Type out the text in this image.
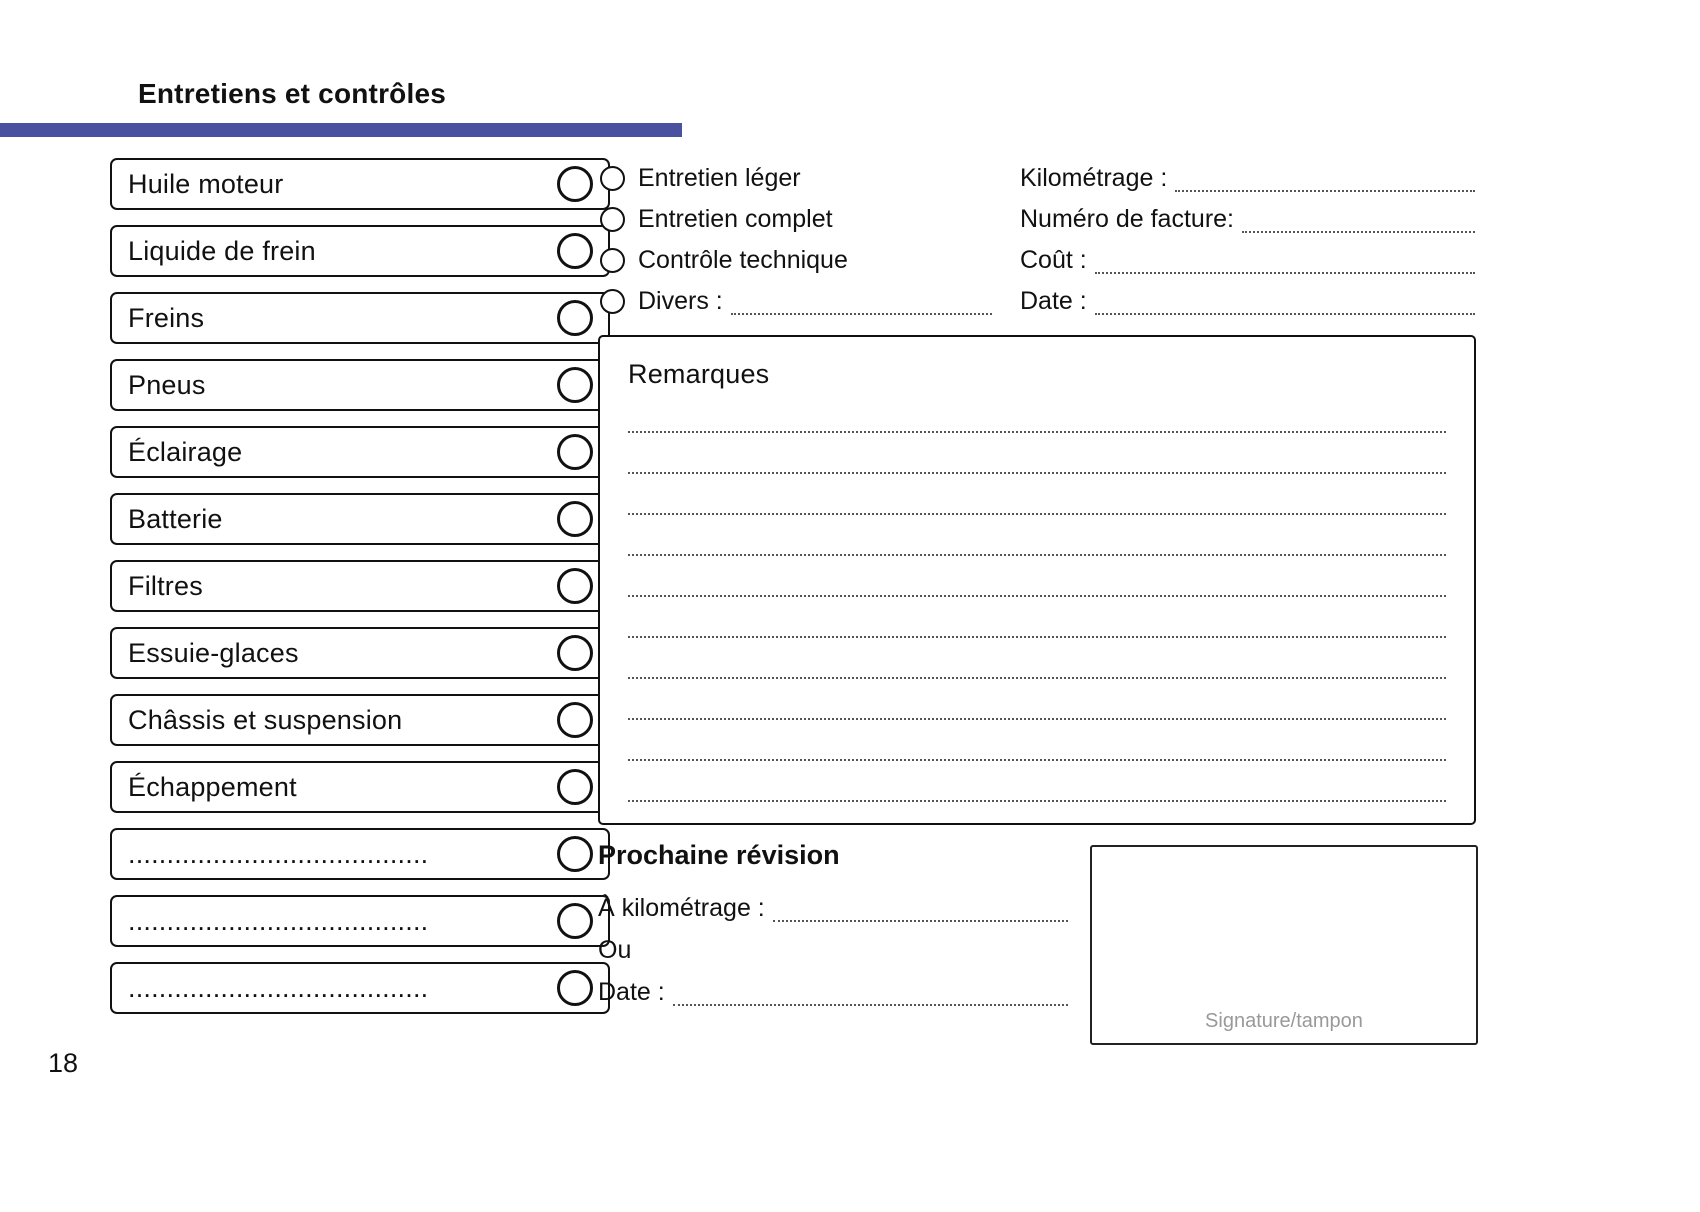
Entretiens et contrôles
Huile moteur
Liquide de frein
Freins
Pneus
Éclairage
Batterie
Filtres
Essuie-glaces
Châssis et suspension
Échappement
.......................................
.......................................
.......................................
Entretien léger
Entretien complet
Contrôle technique
Divers :
Kilométrage :
Numéro de facture:
Coût :
Date :
Remarques
Prochaine révision
À kilométrage :
Ou
Date :
Signature/tampon
18
